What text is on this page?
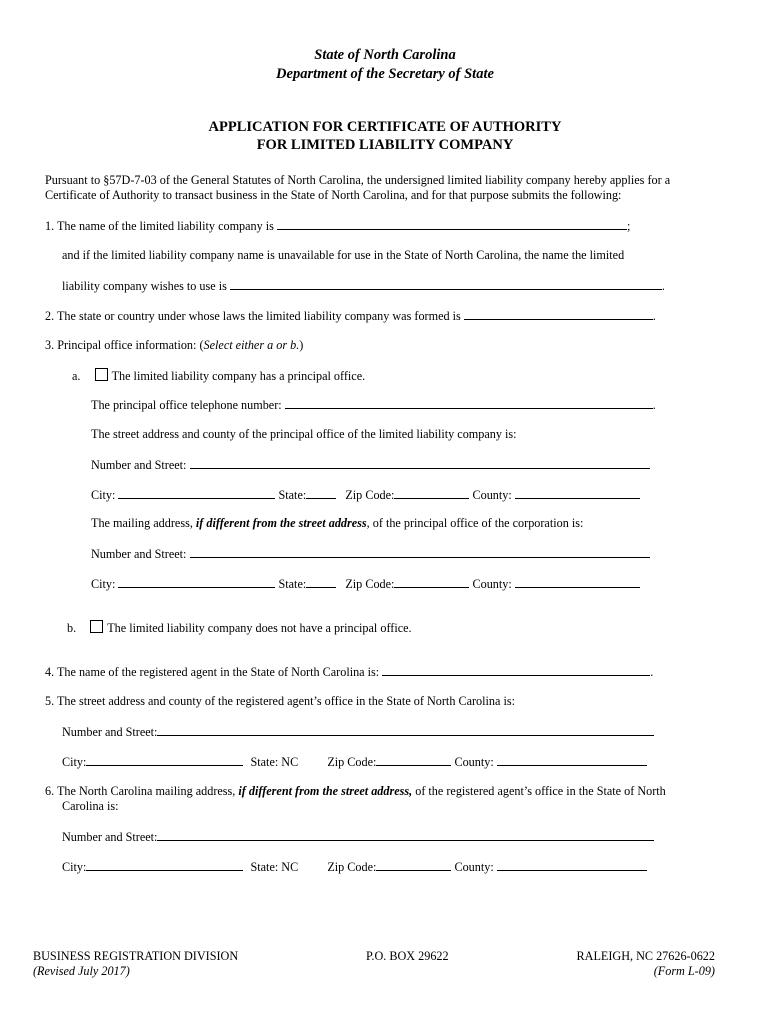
State of North Carolina
Department of the Secretary of State
APPLICATION FOR CERTIFICATE OF AUTHORITY
FOR LIMITED LIABILITY COMPANY
Pursuant to §57D-7-03 of the General Statutes of North Carolina, the undersigned limited liability company hereby applies for a
Certificate of Authority to transact business in the State of North Carolina, and for that purpose submits the following:
1. The name of the limited liability company is	;
and if the limited liability company name is unavailable for use in the State of North Carolina, the name the limited
liability company wishes to use is	.
2. The state or country under whose laws the limited liability company was formed is	.
3. Principal office information: (Select either a or b.)
a.	The limited liability company has a principal office.
The principal office telephone number:	.
The street address and county of the principal office of the limited liability company is:
Number and Street:
City:	State:	Zip Code:	County:
The mailing address, if different from the street address, of the principal office of the corporation is:
Number and Street:
City:	State:	Zip Code:	County:
b.	The limited liability company does not have a principal office.
4. The name of the registered agent in the State of North Carolina is:	.
5. The street address and county of the registered agent’s office in the State of North Carolina is:
Number and Street:
City:	State: NC Zip Code:	County:
6. The North Carolina mailing address, if different from the street address, of the registered agent’s office in the State of North
Carolina is:
Number and Street:
City:	State: NC Zip Code:	County:
BUSINESS REGISTRATION DIVISION
(Revised July 2017)
P.O. BOX 29622	RALEIGH, NC 27626-0622
(Form L-09)
